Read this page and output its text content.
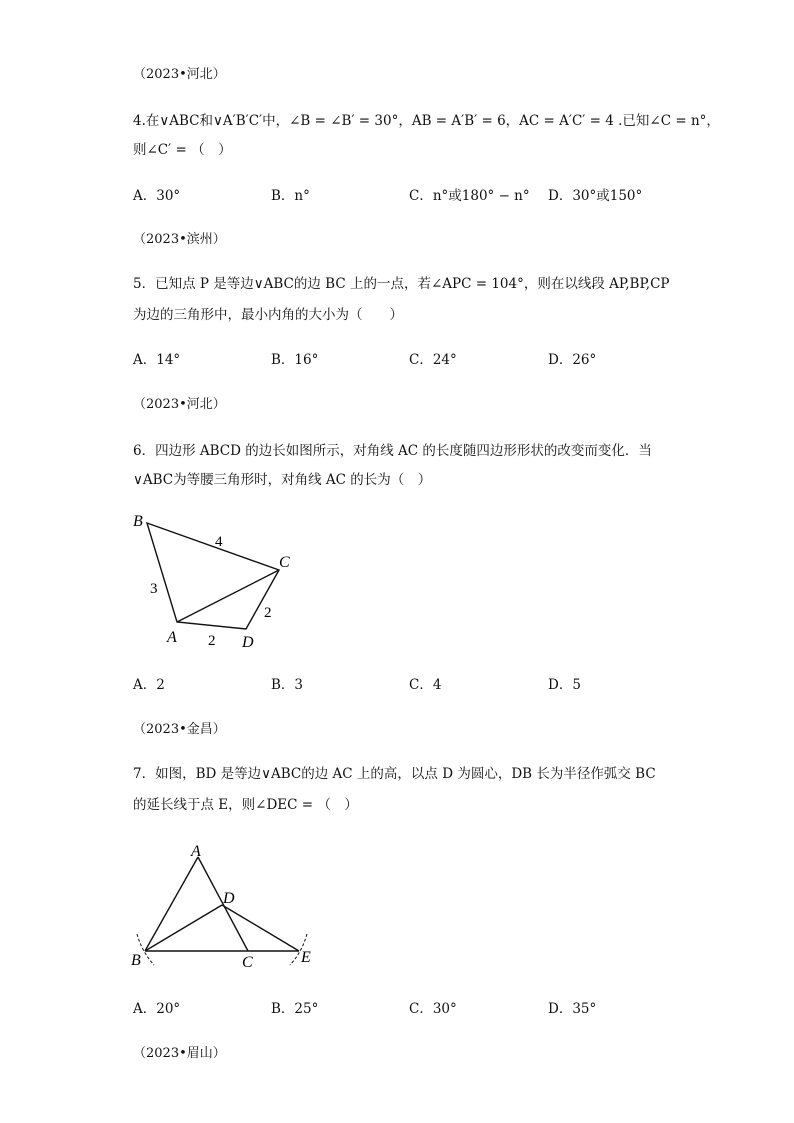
（2023•河北）
4.在∨ABC和∨A′B′C′中，∠B = ∠B′ = 30°，AB = A′B′ = 6，AC = A′C′ = 4 .已知∠C = n°，
则∠C′ = （　）
A．30°	B．n°	C．n°或180° − n° D．30°或150°
（2023•滨州）
5．已知点 P 是等边∨ABC的边 BC 上的一点，若∠APC = 104°，则在以线段 AP,BP,CP
为边的三角形中，最小内角的大小为（　　）
A．14°	B．16°	C．24°	D．26°
（2023•河北）
6．四边形 ABCD 的边长如图所示，对角线 AC 的长度随四边形形状的改变而变化．当
∨ABC为等腰三角形时，对角线 AC 的长为（　）
B
C
A	D
4
3
2
2
A．2	B．3	C．4	D．5
（2023•金昌）
7．如图，BD 是等边∨ABC的边 AC 上的高，以点 D 为圆心，DB 长为半径作弧交 BC
的延长线于点 E，则∠DEC = （　）
A
D
B	C	E
A．20°	B．25°	C．30°	D．35°
（2023•眉山）
